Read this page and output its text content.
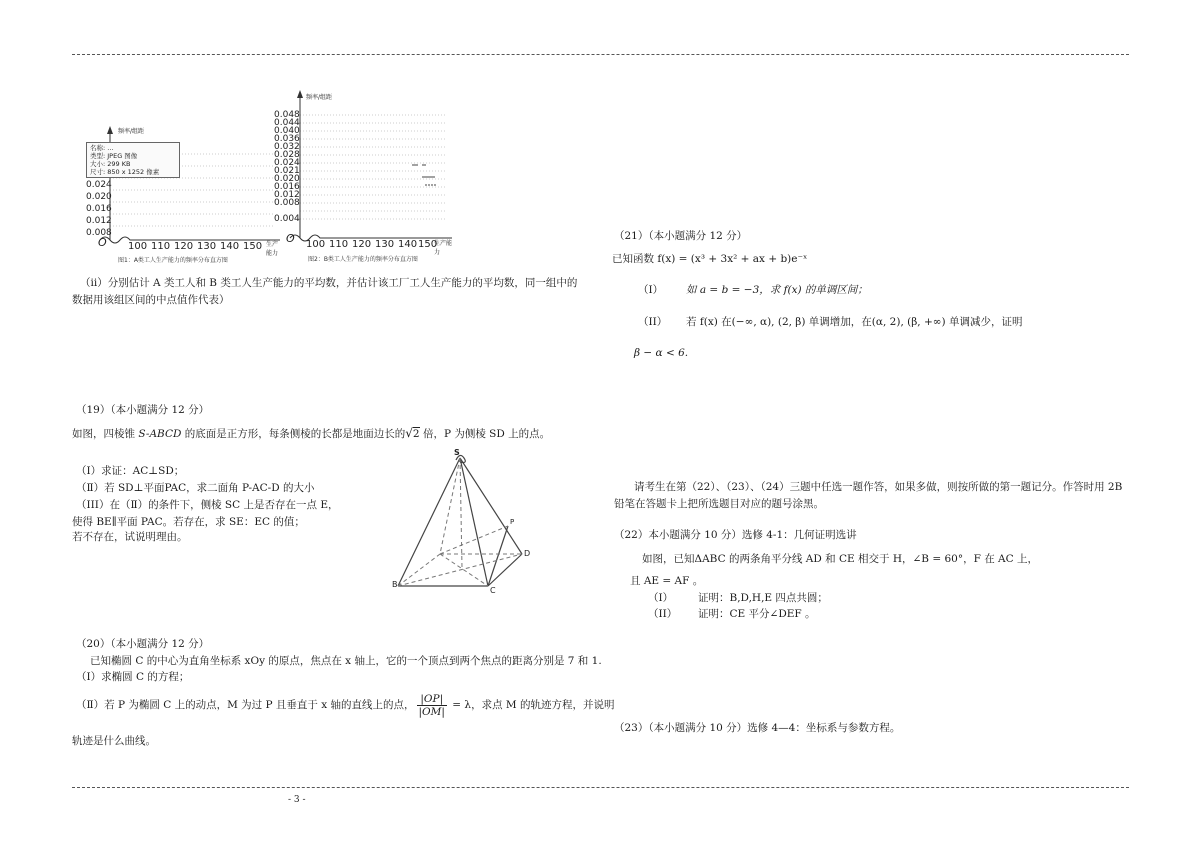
频率/组距
0.024
0.020
0.016
0.012
0.008
O 100 110 120 130 140 150 生产能力
名称: ...
类型: JPEG 图像
大小: 299 KB
尺寸: 850 x 1252 像素
图1：A类工人生产能力的频率分布直方图
频率/组距
0.048
0.044
0.040
0.036
0.032
0.028
0.024
0.021
0.020
0.016
0.012
0.008
0.004
O 100 110 120 130 140 150
生产能力
图2：B类工人生产能力的频率分布直方图
（ii）分别估计 A 类工人和 B 类工人生产能力的平均数，并估计该工厂工人生产能力的平均数，同一组中的
数据用该组区间的中点值作代表）
（19）（本小题满分 12 分）
如图，四棱锥 S-ABCD 的底面是正方形，每条侧棱的长都是地面边长的√2 倍，P 为侧棱 SD 上的点。
（Ⅰ）求证：AC⊥SD；
（Ⅱ）若 SD⊥平面PAC，求二面角 P-AC-D 的大小
（III）在（Ⅱ）的条件下，侧棱 SC 上是否存在一点 E，
使得 BE∥平面 PAC。若存在，求 SE：EC 的值；
若不存在，试说明理由。
S
P
D
B
C
（20）（本小题满分 12 分）
已知椭圆 C 的中心为直角坐标系 xOy 的原点，焦点在 x 轴上，它的一个顶点到两个焦点的距离分别是 7 和 1.
（Ⅰ）求椭圆 C 的方程；
（Ⅱ）若 P 为椭圆 C 上的动点，M 为过 P 且垂直于 x 轴的直线上的点， $\frac{|OP|}{|OM|} = \lambda$，求点 M 的轨迹方程，并说明
轨迹是什么曲线。
（21）（本小题满分 12 分）
已知函数 f(x) = (x³ + 3x² + ax + b)e⁻ˣ
（I） 如 a = b = −3，求 f(x) 的单调区间；
（II） 若 f(x) 在(−∞, α), (2, β) 单调增加，在(α, 2), (β, +∞) 单调减少，证明
β − α < 6.
请考生在第（22）、（23）、（24）三题中任选一题作答，如果多做，则按所做的第一题记分。作答时用 2B
铅笔在答题卡上把所选题目对应的题号涂黑。
（22）本小题满分 10 分）选修 4-1：几何证明选讲
如图，已知ΔABC 的两条角平分线 AD 和 CE 相交于 H，∠B = 60°，F 在 AC 上，
且 AE = AF 。
（I） 证明：B,D,H,E 四点共圆；
（II） 证明：CE 平分∠DEF 。
（23）（本小题满分 10 分）选修 4—4：坐标系与参数方程。
- 3 -
